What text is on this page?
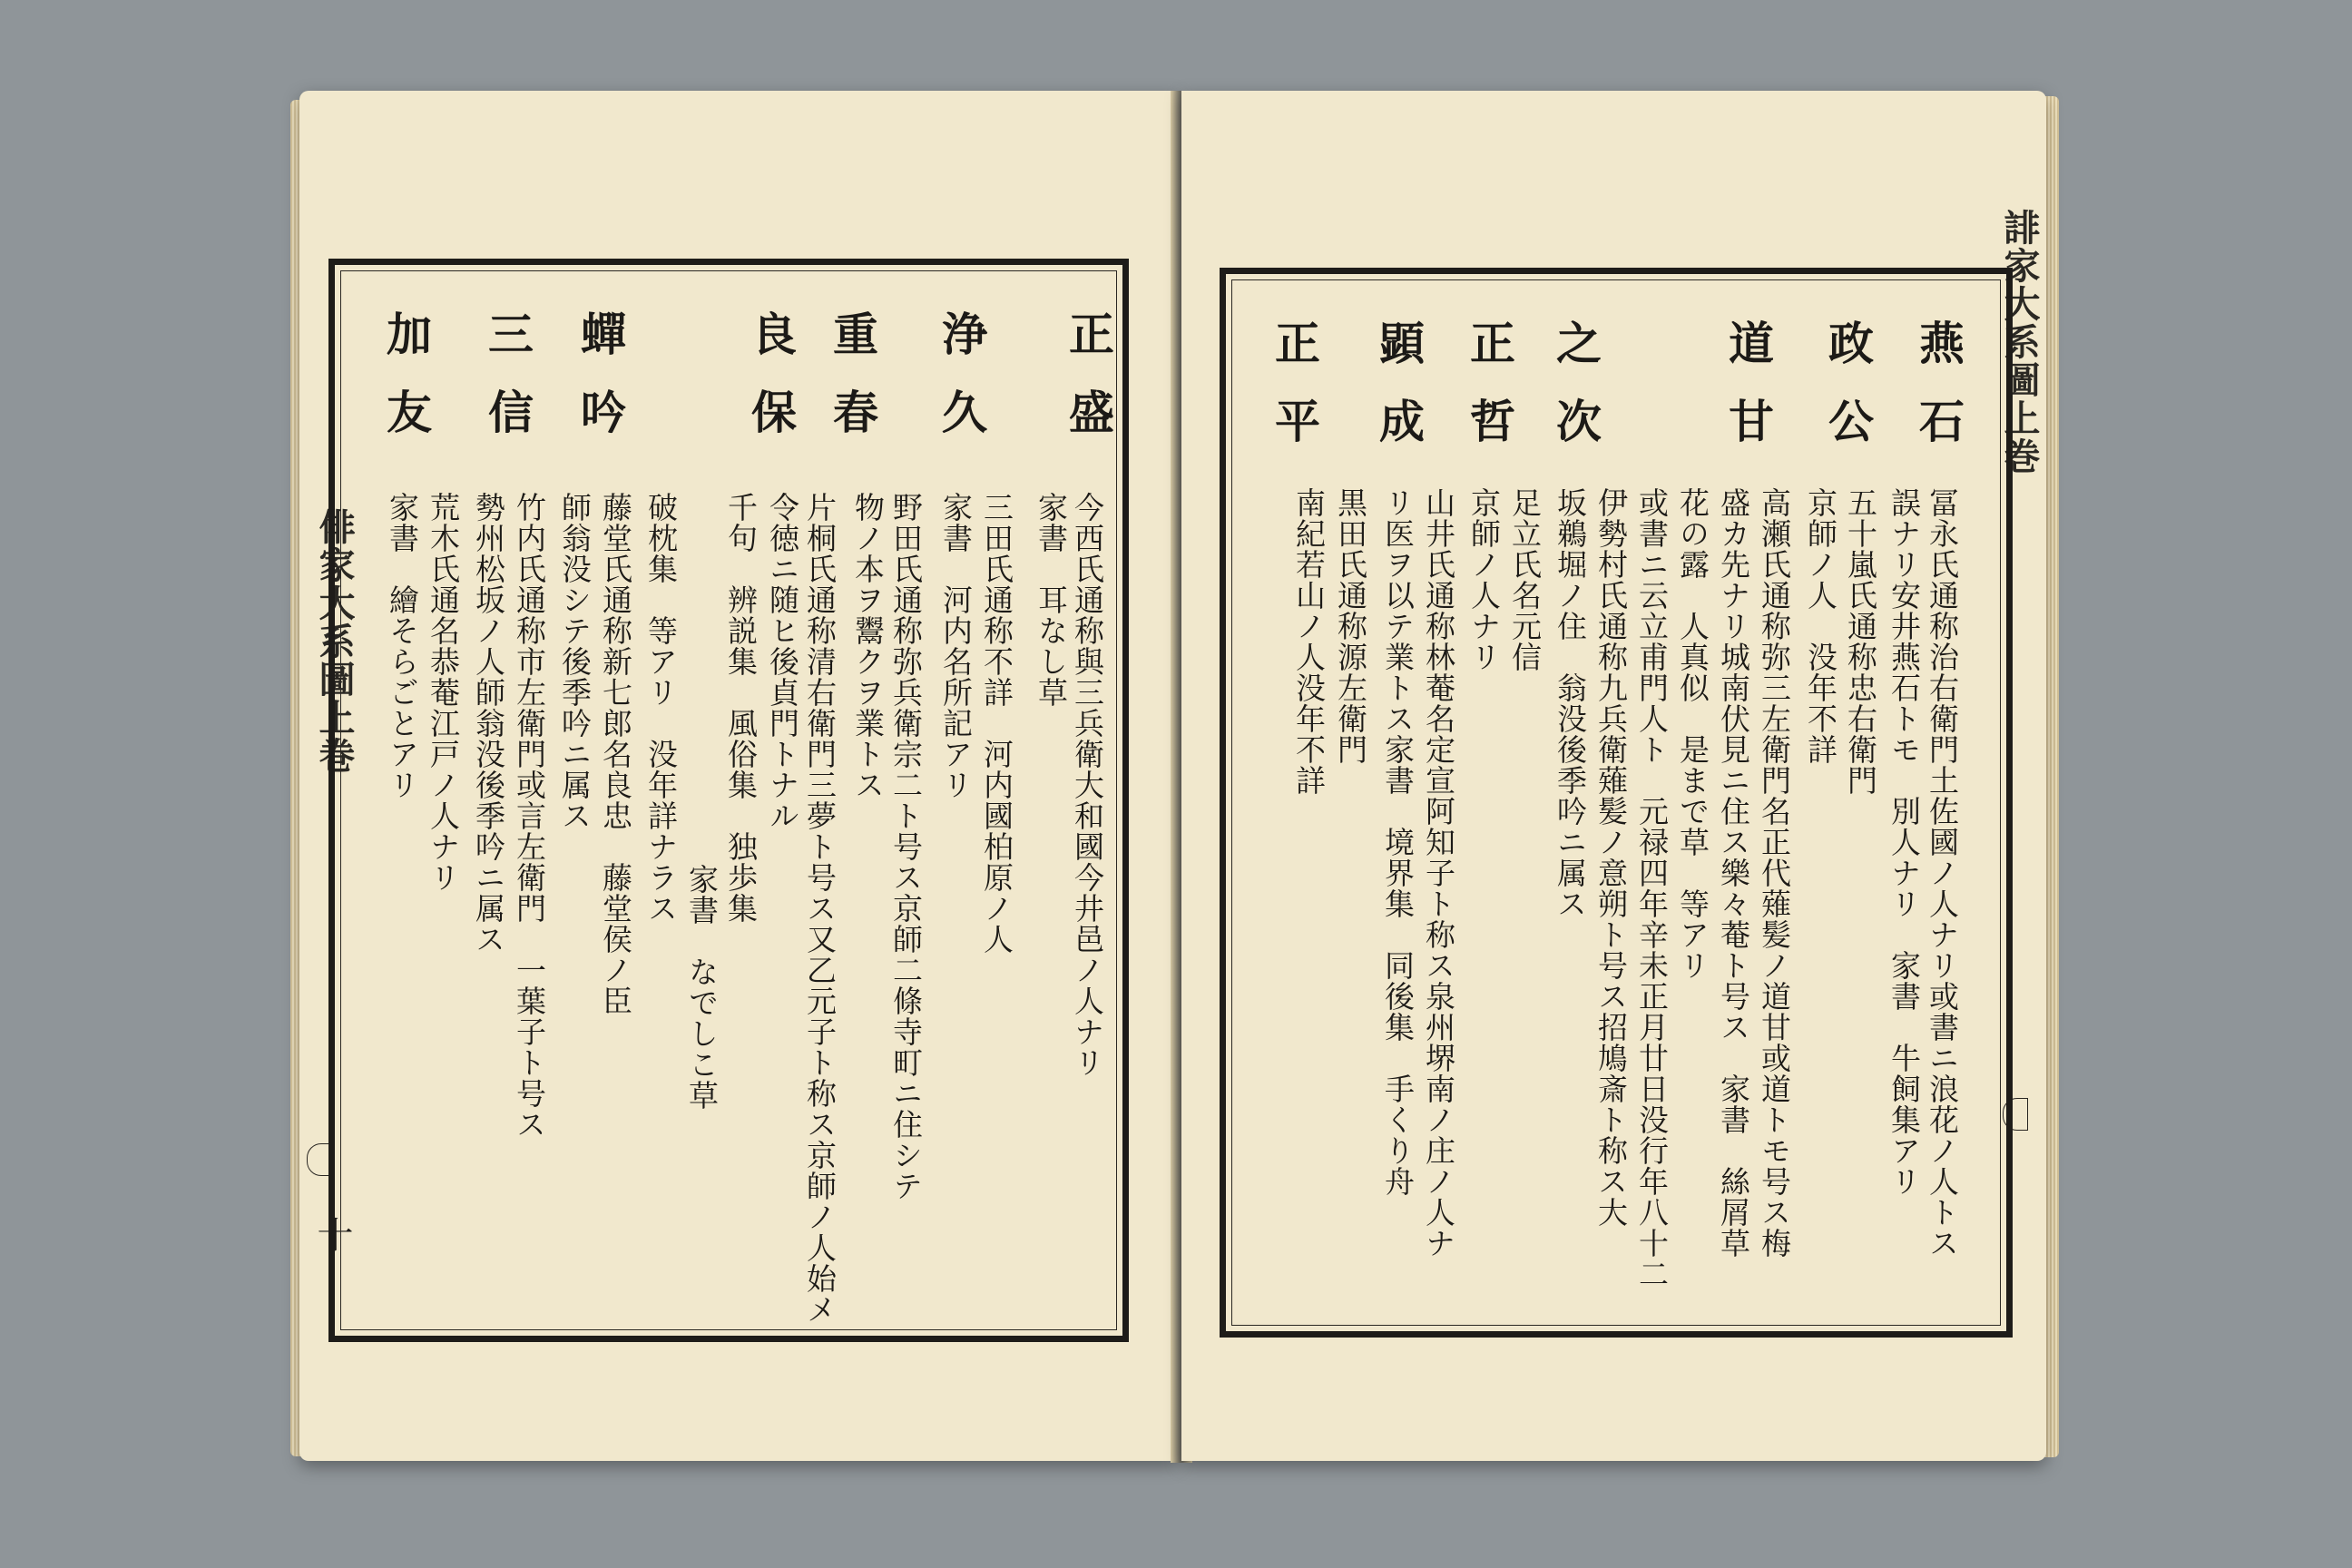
俳家大系圖上巻
十
正盛
浄久
重春
良保
蟬吟
三信
加友
今西氏通称與三兵衛大和國今井邑ノ人ナリ
家書　耳なし草
三田氏通称不詳　河内國柏原ノ人
家書　河内名所記アリ
野田氏通称弥兵衛宗二ト号ス京師二條寺町ニ住シテ
物ノ本ヲ鬻クヲ業トス
片桐氏通称清右衛門三夢ト号ス又乙元子ト称ス京師ノ人始メ
令徳ニ随ヒ後貞門トナル
千句　辨説集　風俗集　独歩集
家書　なでしこ草
破枕集　等アリ　没年詳ナラス
藤堂氏通称新七郎名良忠　藤堂侯ノ臣
師翁没シテ後季吟ニ属ス
竹内氏通称市左衛門或言左衛門　一葉子ト号ス
勢州松坂ノ人師翁没後季吟ニ属ス
荒木氏通名恭菴江戸ノ人ナリ
家書　繪そらごとアリ
誹家大系圖上巻
燕石
政公
道甘
之次
正哲
顕成
正平
冨永氏通称治右衛門土佐國ノ人ナリ或書ニ浪花ノ人トス
誤ナリ安井燕石トモ　別人ナリ　家書　牛飼集アリ
五十嵐氏通称忠右衛門
京師ノ人　没年不詳
高瀬氏通称弥三左衛門名正代薙髪ノ道甘或道トモ号ス梅
盛カ先ナリ城南伏見ニ住ス樂々菴ト号ス　家書　絲屑草
花の露　人真似　是まで草　等アリ
或書ニ云立甫門人ト　元禄四年辛未正月廿日没行年八十二
伊勢村氏通称九兵衛薙髪ノ意朔ト号ス招鳩斎ト称ス大
坂鵜堀ノ住　翁没後季吟ニ属ス
足立氏名元信
京師ノ人ナリ
山井氏通称林菴名定宣阿知子ト称ス泉州堺南ノ庄ノ人ナ
リ医ヲ以テ業トス家書　境界集　同後集　手くり舟
黒田氏通称源左衛門
南紀若山ノ人没年不詳
